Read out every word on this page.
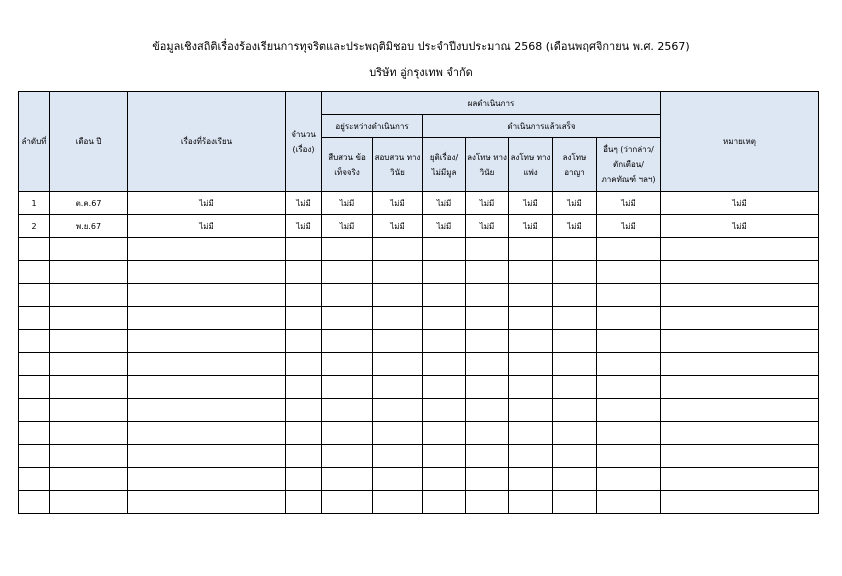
ข้อมูลเชิงสถิติเรื่องร้องเรียนการทุจริตและประพฤติมิชอบ ประจำปีงบประมาณ 2568 (เดือนพฤศจิกายน พ.ศ. 2567)
บริษัท อู่กรุงเทพ จำกัด
ลำดับที่	เดือน ปี	เรื่องที่ร้องเรียน	จำนวน (เรื่อง)	ผลดำเนินการ							หมายเหตุ
				อยู่ระหว่างดำเนินการ		ดำเนินการแล้วเสร็จ					
				สืบสวน ข้อเท็จจริง	สอบสวน ทางวินัย	ยุติเรื่อง/ ไม่มีมูล	ลงโทษ ทางวินัย	ลงโทษ ทางแพ่ง	ลงโทษ อาญา	อื่นๆ (ว่ากล่าว/ ตักเตือน/ ภาคทัณฑ์ ฯลฯ)	

1	ต.ค.67	ไม่มี	ไม่มี	ไม่มี	ไม่มี	ไม่มี	ไม่มี	ไม่มี	ไม่มี	ไม่มี	ไม่มี
2	พ.ย.67	ไม่มี	ไม่มี	ไม่มี	ไม่มี	ไม่มี	ไม่มี	ไม่มี	ไม่มี	ไม่มี	ไม่มี
